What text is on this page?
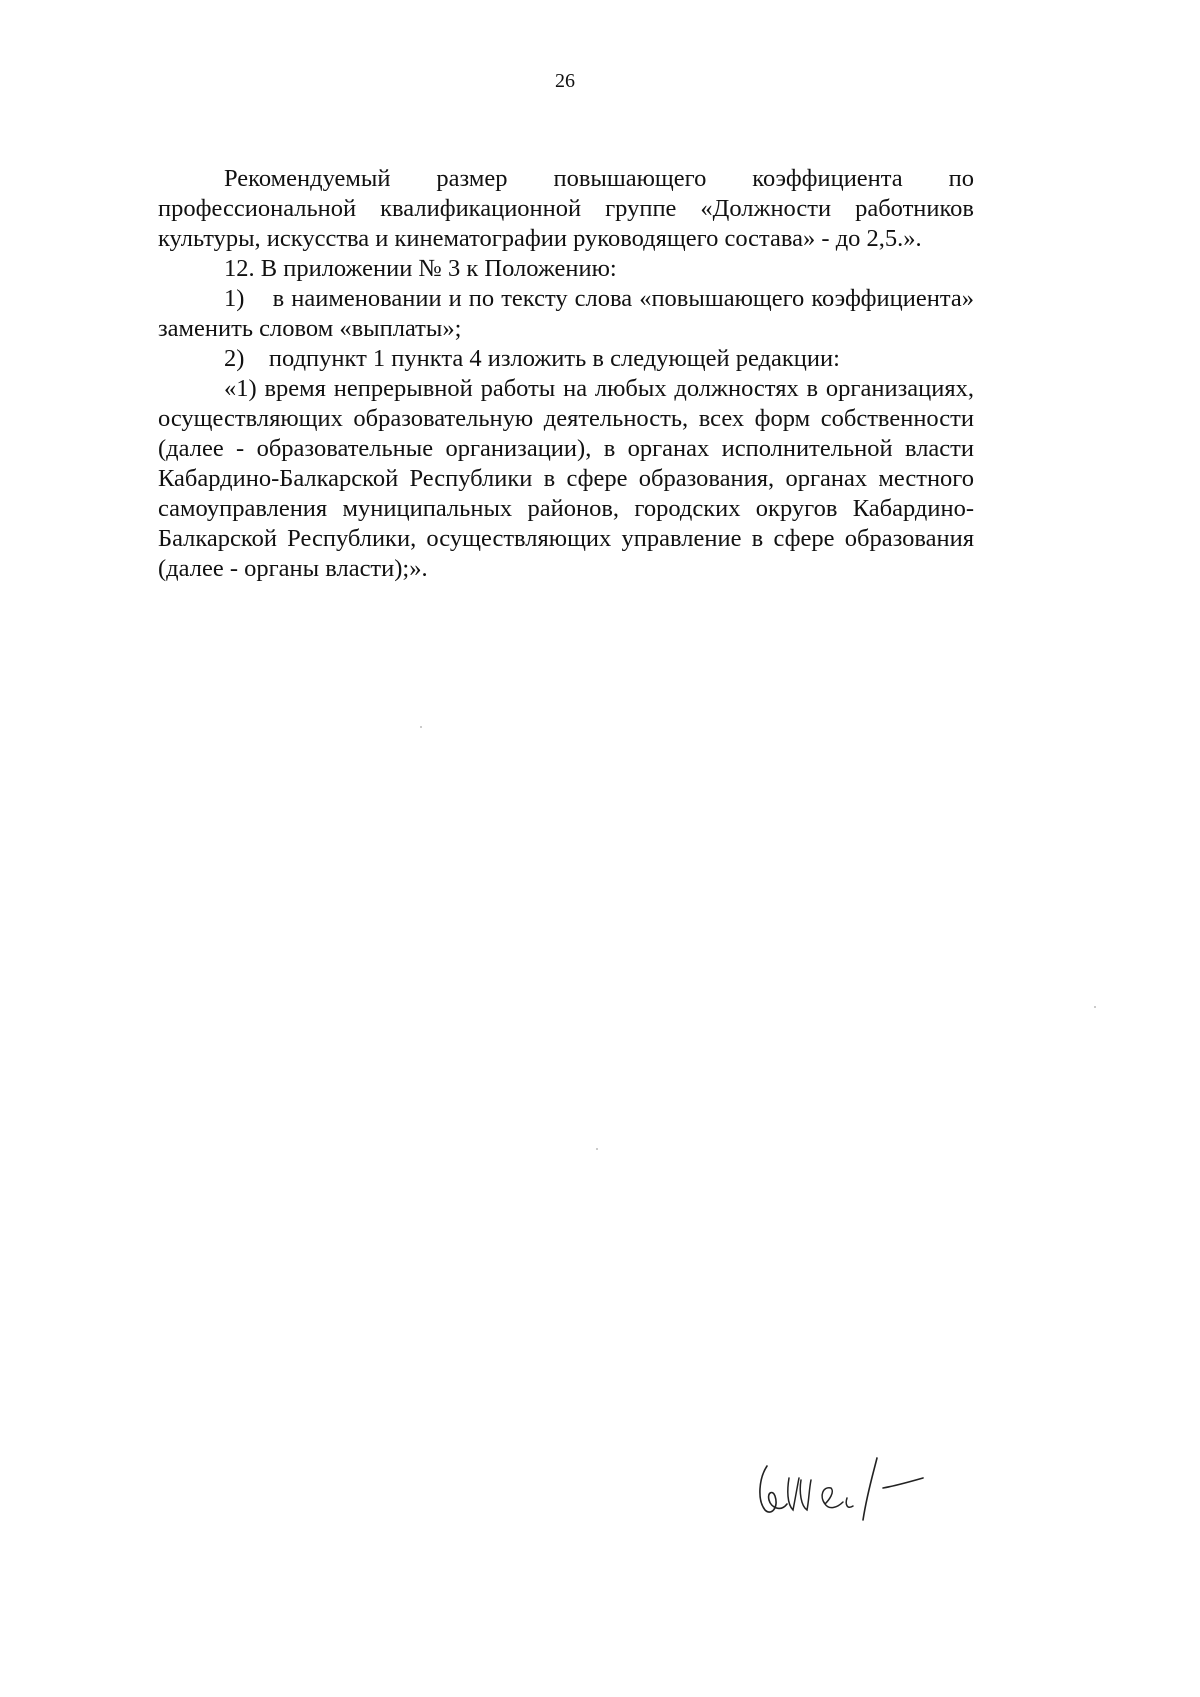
26

Рекомендуемый размер повышающего коэффициента по профессиональной квалификационной группе «Должности работников культуры, искусства и кинематографии руководящего состава» - до 2,5.».

12. В приложении № 3 к Положению:

1)    в наименовании и по тексту слова «повышающего коэффициента» заменить словом «выплаты»;

2)    подпункт 1 пункта 4 изложить в следующей редакции:

«1) время непрерывной работы на любых должностях в организациях, осуществляющих образовательную деятельность, всех форм собственности (далее - образовательные организации), в органах исполнительной власти Кабардино-Балкарской Республики в сфере образования, органах местного самоуправления муниципальных районов, городских округов Кабардино-Балкарской Республики, осуществляющих управление в сфере образования (далее - органы власти);».
